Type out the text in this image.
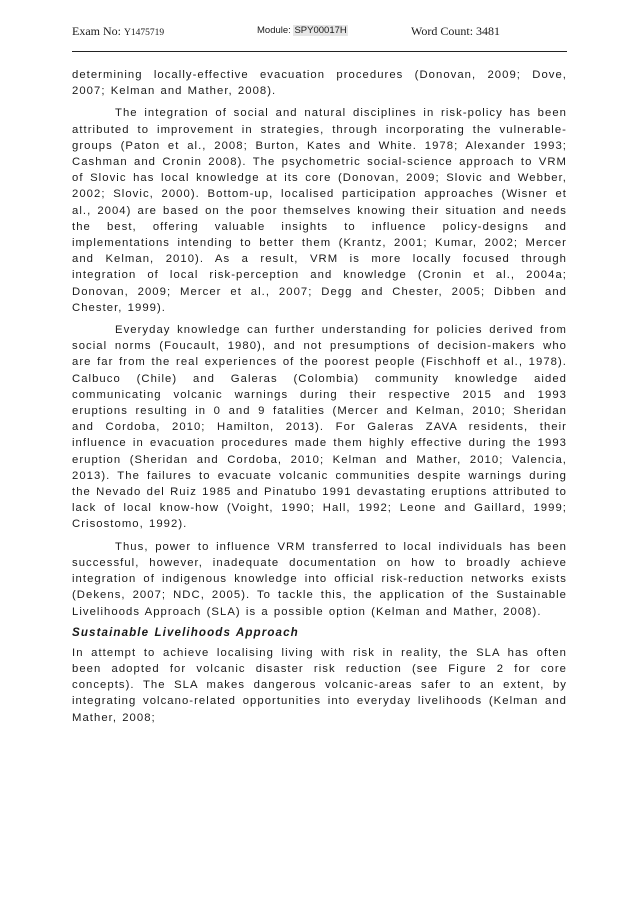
Exam No: Y1475719	Module: SPY00017H	Word Count: 3481

determining locally-effective evacuation procedures (Donovan, 2009; Dove, 2007; Kelman and Mather, 2008).

The integration of social and natural disciplines in risk-policy has been attributed to improvement in strategies, through incorporating the vulnerable-groups (Paton et al., 2008; Burton, Kates and White. 1978; Alexander 1993; Cashman and Cronin 2008). The psychometric social-science approach to VRM of Slovic has local knowledge at its core (Donovan, 2009; Slovic and Webber, 2002; Slovic, 2000). Bottom-up, localised participation approaches (Wisner et al., 2004) are based on the poor themselves knowing their situation and needs the best, offering valuable insights to influence policy-designs and implementations intending to better them (Krantz, 2001; Kumar, 2002; Mercer and Kelman, 2010). As a result, VRM is more locally focused through integration of local risk-perception and knowledge (Cronin et al., 2004a; Donovan, 2009; Mercer et al., 2007; Degg and Chester, 2005; Dibben and Chester, 1999).

Everyday knowledge can further understanding for policies derived from social norms (Foucault, 1980), and not presumptions of decision-makers who are far from the real experiences of the poorest people (Fischhoff et al., 1978). Calbuco (Chile) and Galeras (Colombia) community knowledge aided communicating volcanic warnings during their respective 2015 and 1993 eruptions resulting in 0 and 9 fatalities (Mercer and Kelman, 2010; Sheridan and Cordoba, 2010; Hamilton, 2013). For Galeras ZAVA residents, their influence in evacuation procedures made them highly effective during the 1993 eruption (Sheridan and Cordoba, 2010; Kelman and Mather, 2010; Valencia, 2013). The failures to evacuate volcanic communities despite warnings during the Nevado del Ruiz 1985 and Pinatubo 1991 devastating eruptions attributed to lack of local know-how (Voight, 1990; Hall, 1992; Leone and Gaillard, 1999; Crisostomo, 1992).

Thus, power to influence VRM transferred to local individuals has been successful, however, inadequate documentation on how to broadly achieve integration of indigenous knowledge into official risk-reduction networks exists (Dekens, 2007; NDC, 2005). To tackle this, the application of the Sustainable Livelihoods Approach (SLA) is a possible option (Kelman and Mather, 2008).

Sustainable Livelihoods Approach

In attempt to achieve localising living with risk in reality, the SLA has often been adopted for volcanic disaster risk reduction (see Figure 2 for core concepts). The SLA makes dangerous volcanic-areas safer to an extent, by integrating volcano-related opportunities into everyday livelihoods (Kelman and Mather, 2008;
